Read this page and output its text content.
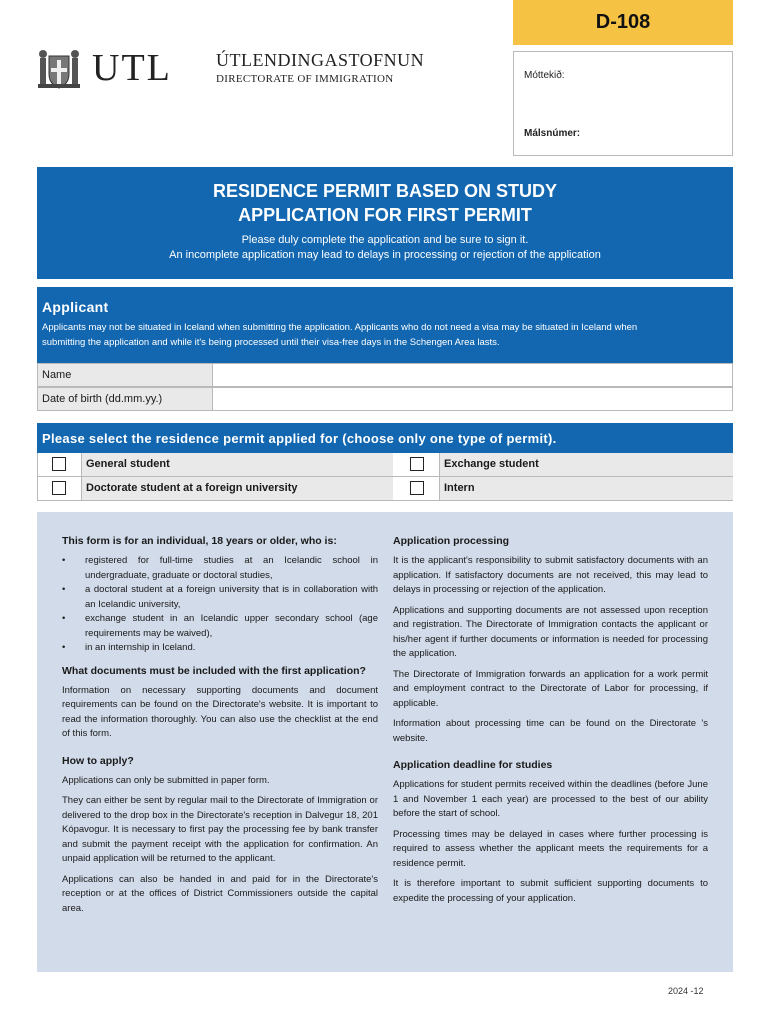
UTL ÚTLENDINGASTOFNUN
DIRECTORATE OF IMMIGRATION
D-108
Móttekið:
Málsnúmer:
RESIDENCE PERMIT BASED ON STUDY
APPLICATION FOR FIRST PERMIT
Please duly complete the application and be sure to sign it.
An incomplete application may lead to delays in processing or rejection of the application
Applicant
Applicants may not be situated in Iceland when submitting the application. Applicants who do not need a visa may be situated in Iceland when
submitting the application and while it's being processed until their visa-free days in the Schengen Area lasts.
Name
Date of birth (dd.mm.yy.)
Please select the residence permit applied for (choose only one type of permit).
General student	Exchange student
Doctorate student at a foreign university	Intern
This form is for an individual, 18 years or older, who is:
• registered for full-time studies at an Icelandic school in undergraduate, graduate or doctoral studies,
• a doctoral student at a foreign university that is in collaboration with an Icelandic university,
• exchange student in an Icelandic upper secondary school (age requirements may be waived),
• in an internship in Iceland.
What documents must be included with the first application?

Information on necessary supporting documents and document requirements can be found on the Directorate's website. It is important to read the information thoroughly. You can also use the checklist at the end of this form.

How to apply?

Applications can only be submitted in paper form.

They can either be sent by regular mail to the Directorate of Immigration or delivered to the drop box in the Directorate's reception in Dalvegur 18, 201 Kópavogur. It is necessary to first pay the processing fee by bank transfer and submit the payment receipt with the application for confirmation. An unpaid application will be returned to the applicant.

Applications can also be handed in and paid for in the Directorate's reception or at the offices of District Commissioners outside the capital area.

Application processing

It is the applicant's responsibility to submit satisfactory documents with an application. If satisfactory documents are not received, this may lead to delays in processing or rejection of the application.

Applications and supporting documents are not assessed upon reception and registration. The Directorate of Immigration contacts the applicant or his/her agent if further documents or information is needed for processing the application.

The Directorate of Immigration forwards an application for a work permit and employment contract to the Directorate of Labor for processing, if applicable.

Information about processing time can be found on the Directorate 's website.

Application deadline for studies

Applications for student permits received within the deadlines (before June 1 and November 1 each year) are processed to the best of our ability before the start of school.

Processing times may be delayed in cases where further processing is required to assess whether the applicant meets the requirements for a residence permit.

It is therefore important to submit sufficient supporting documents to expedite the processing of your application.

2024 -12
